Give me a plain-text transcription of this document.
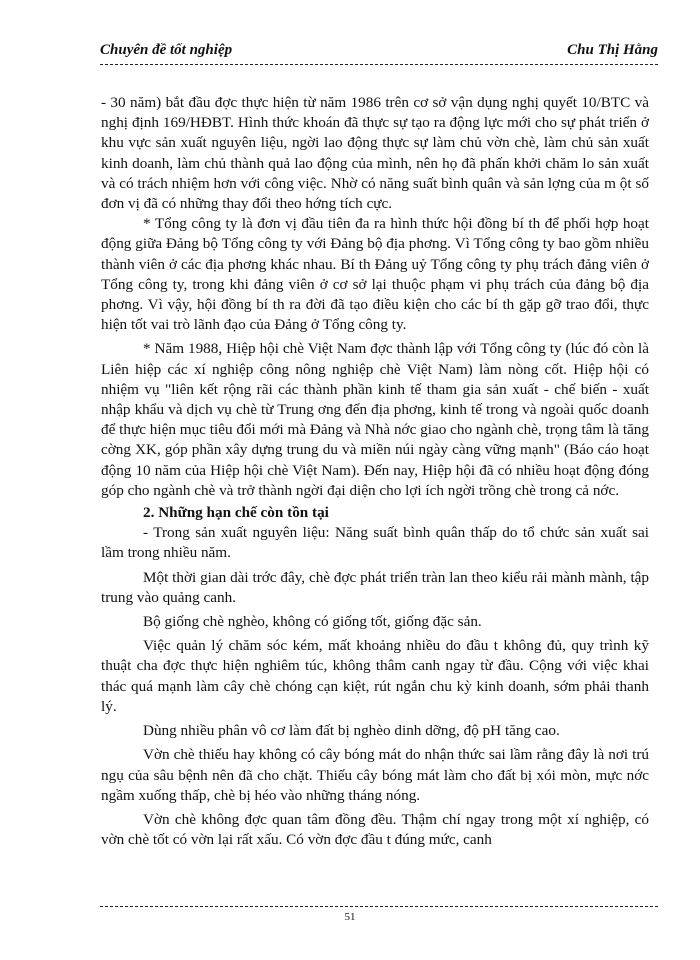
Chuyên đề tốt nghiệp	Chu Thị Hằng

- 30 năm) bắt đầu đợc thực hiện từ năm 1986 trên cơ sở vận dụng nghị quyết 10/BTC và nghị định 169/HĐBT. Hình thức khoán đã thực sự tạo ra động lực mới cho sự phát triển ở khu vực sản xuất nguyên liệu, ngời lao động thực sự làm chủ vờn chè, làm chủ sản xuất kinh doanh, làm chủ thành quả lao động của mình, nên họ đã phấn khởi chăm lo sản xuất và có trách nhiệm hơn với công việc. Nhờ có năng suất bình quân và sản lợng của m ột số đơn vị đã có những thay đổi theo hớng tích cực.

* Tổng công ty là đơn vị đầu tiên đa ra hình thức hội đồng bí th để phối hợp hoạt động giữa Đảng bộ Tổng công ty với Đảng bộ địa phơng. Vì Tổng công ty bao gồm nhiều thành viên ở các địa phơng khác nhau. Bí th Đảng uỷ Tổng công ty phụ trách đảng viên ở Tổng công ty, trong khi đảng viên ở cơ sở lại thuộc phạm vi phụ trách của đảng bộ địa phơng. Vì vậy, hội đồng bí th ra đời đã tạo điều kiện cho các bí th gặp gỡ trao đổi, thực hiện tốt vai trò lãnh đạo của Đảng ở Tổng công ty.

* Năm 1988, Hiệp hội chè Việt Nam đợc thành lập với Tổng công ty (lúc đó còn là Liên hiệp các xí nghiệp công nông nghiệp chè Việt Nam) làm nòng cốt. Hiệp hội có nhiệm vụ "liên kết rộng rãi các thành phần kinh tế tham gia sản xuất - chế biến - xuất nhập khẩu và dịch vụ chè từ Trung ơng đến địa phơng, kinh tế trong và ngoài quốc doanh để thực hiện mục tiêu đổi mới mà Đảng và Nhà nớc giao cho ngành chè, trọng tâm là tăng cờng XK, góp phần xây dựng trung du và miền núi ngày càng vững mạnh" (Báo cáo hoạt động 10 năm của Hiệp hội chè Việt Nam). Đến nay, Hiệp hội đã có nhiều hoạt động đóng góp cho ngành chè và trở thành ngời đại diện cho lợi ích ngời trồng chè trong cả nớc.

2. Những hạn chế còn tồn tại

- Trong sản xuất nguyên liệu: Năng suất bình quân thấp do tổ chức sản xuất sai lầm trong nhiều năm.

Một thời gian dài trớc đây, chè đợc phát triển tràn lan theo kiểu rải mành mành, tập trung vào quảng canh.

Bộ giống chè nghèo, không có giống tốt, giống đặc sản.

Việc quản lý chăm sóc kém, mất khoảng nhiều do đầu t không đủ, quy trình kỹ thuật cha đợc thực hiện nghiêm túc, không thâm canh ngay từ đầu. Cộng với việc khai thác quá mạnh làm cây chè chóng cạn kiệt, rút ngắn chu kỳ kinh doanh, sớm phải thanh lý.

Dùng nhiều phân vô cơ làm đất bị nghèo dinh dỡng, độ pH tăng cao.

Vờn chè thiếu hay không có cây bóng mát do nhận thức sai lầm rằng đây là nơi trú ngụ của sâu bệnh nên đã cho chặt. Thiếu cây bóng mát làm cho đất bị xói mòn, mực nớc ngầm xuống thấp, chè bị héo vào những tháng nóng.

Vờn chè không đợc quan tâm đồng đều. Thậm chí ngay trong một xí nghiệp, có vờn chè tốt có vờn lại rất xấu. Có vờn đợc đầu t đúng mức, canh

51
